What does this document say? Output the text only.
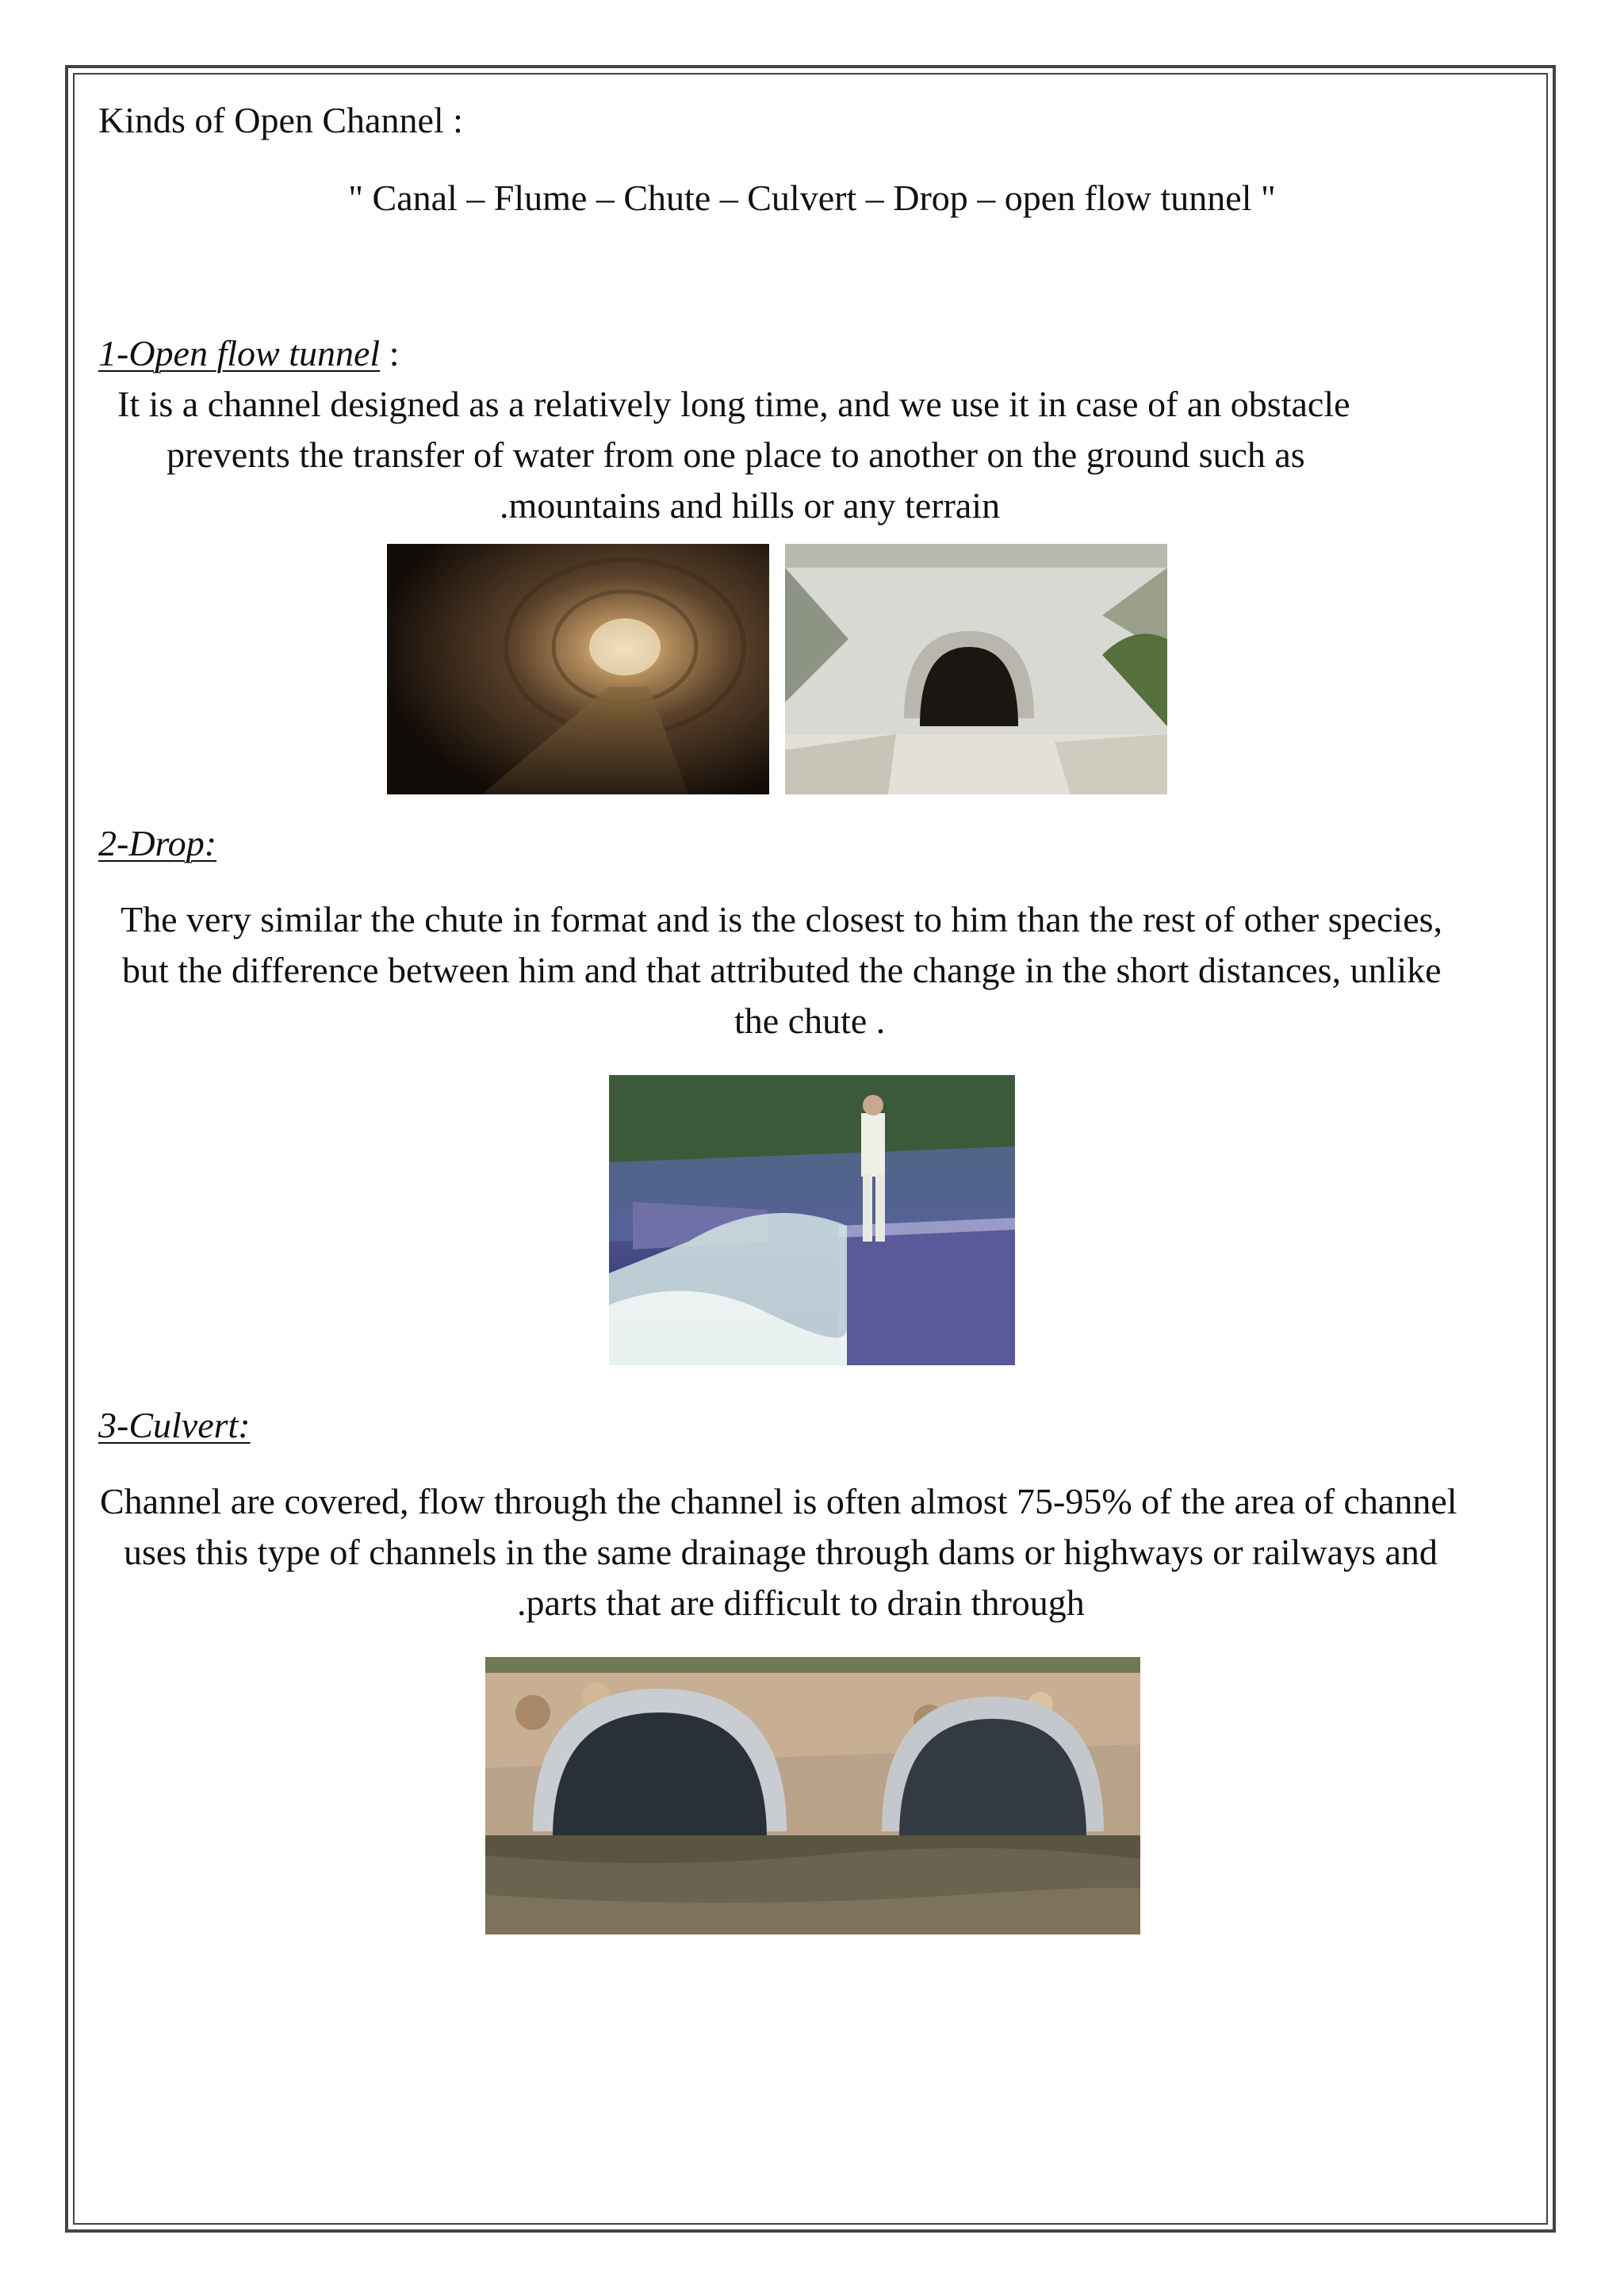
Kinds of Open Channel :
" Canal – Flume – Chute – Culvert – Drop – open flow tunnel "
1-Open flow tunnel :
It is a channel designed as a relatively long time, and we use it in case of an obstacle
prevents the transfer of water from one place to another on the ground such as
.mountains and hills or any terrain
2-Drop:
The very similar the chute in format and is the closest to him than the rest of other species,
but the difference between him and that attributed the change in the short distances, unlike
the chute .
3-Culvert:
Channel are covered, flow through the channel is often almost 75-95% of the area of channel
uses this type of channels in the same drainage through dams or highways or railways and
.parts that are difficult to drain through
